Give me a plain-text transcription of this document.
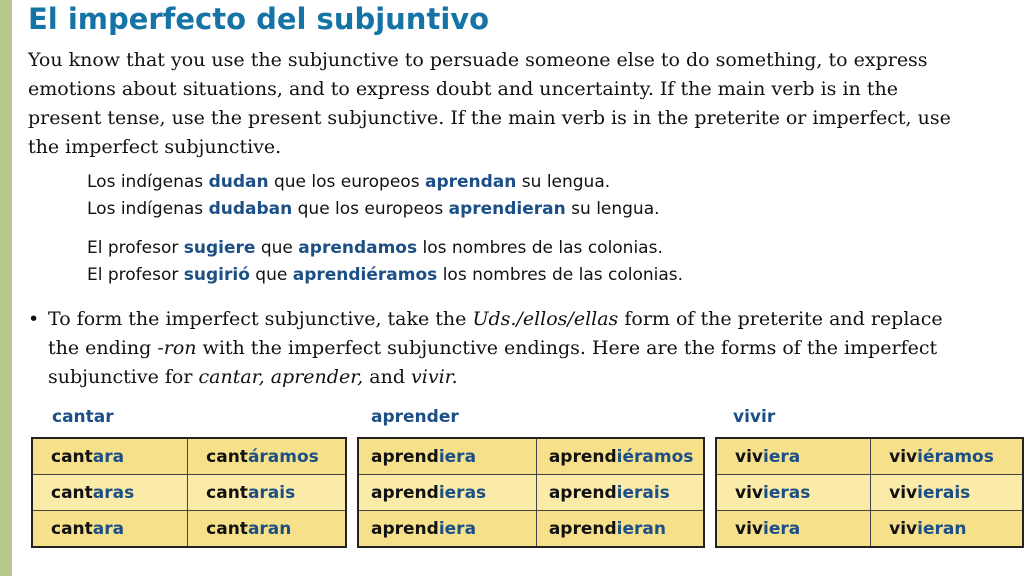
El imperfecto del subjuntivo
You know that you use the subjunctive to persuade someone else to do something, to express
emotions about situations, and to express doubt and uncertainty. If the main verb is in the
present tense, use the present subjunctive. If the main verb is in the preterite or imperfect, use
the imperfect subjunctive.
Los indígenas dudan que los europeos aprendan su lengua.
Los indígenas dudaban que los europeos aprendieran su lengua.
El profesor sugiere que aprendamos los nombres de las colonias.
El profesor sugirió que aprendiéramos los nombres de las colonias.
• To form the imperfect subjunctive, take the Uds./ellos/ellas form of the preterite and replace
the ending -ron with the imperfect subjunctive endings. Here are the forms of the imperfect
subjunctive for cantar, aprender, and vivir.
cantar
cantara	cantáramos
cantaras	cantarais
cantara	cantaran
aprender
aprendiera	aprendiéramos
aprendieras	aprendierais
aprendiera	aprendieran
vivir
viviera	viviéramos
vivieras	vivierais
viviera	vivieran
